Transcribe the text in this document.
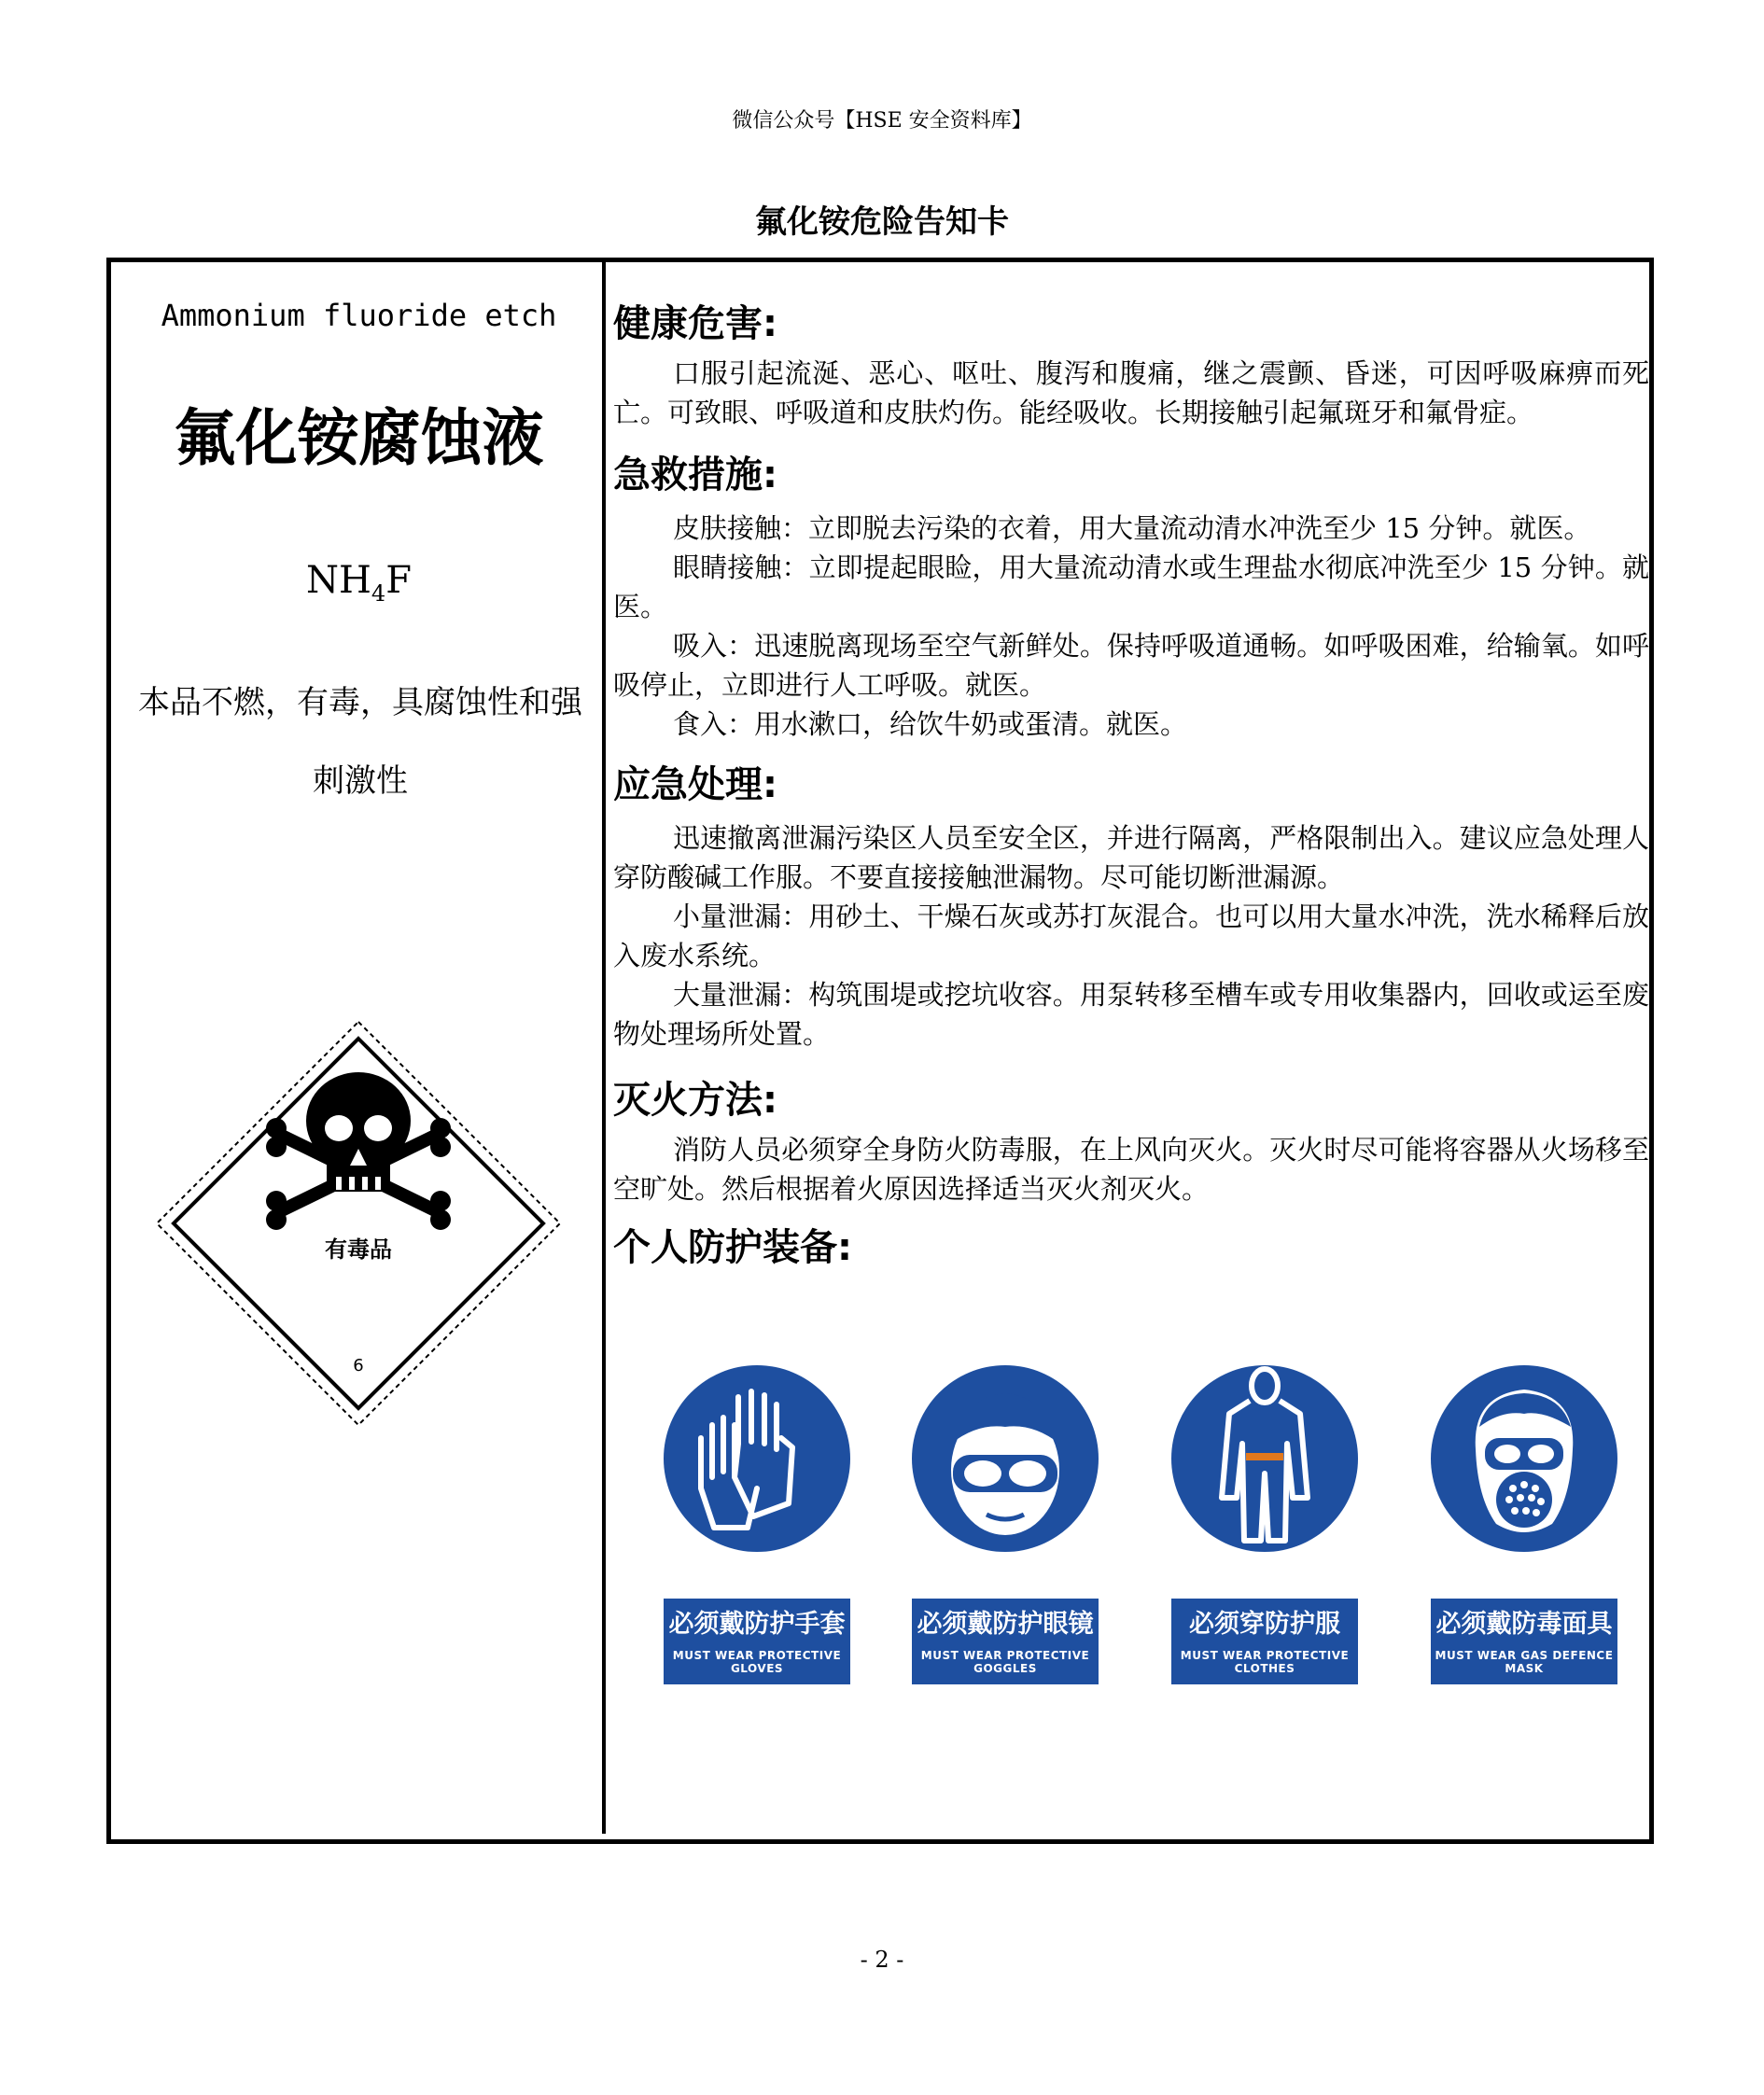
微信公众号【HSE 安全资料库】
氟化铵危险告知卡
Ammonium fluoride etch
氟化铵腐蚀液
$NH_4F$
本品不燃，有毒，具腐蚀性和强
刺激性
有毒品
6
健康危害:

口服引起流涎、恶心、呕吐、腹泻和腹痛，继之震颤、昏迷，可因呼吸麻痹而死亡。可致眼、呼吸道和皮肤灼伤。能经吸收。长期接触引起氟斑牙和氟骨症。

急救措施:

皮肤接触：立即脱去污染的衣着，用大量流动清水冲洗至少 15 分钟。就医。

眼睛接触：立即提起眼睑，用大量流动清水或生理盐水彻底冲洗至少 15 分钟。就医。

吸入：迅速脱离现场至空气新鲜处。保持呼吸道通畅。如呼吸困难，给输氧。如呼吸停止，立即进行人工呼吸。就医。

食入：用水漱口，给饮牛奶或蛋清。就医。

应急处理:

迅速撤离泄漏污染区人员至安全区，并进行隔离，严格限制出入。建议应急处理人穿防酸碱工作服。不要直接接触泄漏物。尽可能切断泄漏源。

小量泄漏：用砂土、干燥石灰或苏打灰混合。也可以用大量水冲洗，洗水稀释后放入废水系统。

大量泄漏：构筑围堤或挖坑收容。用泵转移至槽车或专用收集器内，回收或运至废物处理场所处置。

灭火方法:

消防人员必须穿全身防火防毒服，在上风向灭火。灭火时尽可能将容器从火场移至空旷处。然后根据着火原因选择适当灭火剂灭火。

个人防护装备:
必须戴防护手套
MUST WEAR PROTECTIVE GLOVES
必须戴防护眼镜
MUST WEAR PROTECTIVE GOGGLES
必须穿防护服
MUST WEAR PROTECTIVE CLOTHES
必须戴防毒面具
MUST WEAR GAS DEFENCE MASK
- 2 -
